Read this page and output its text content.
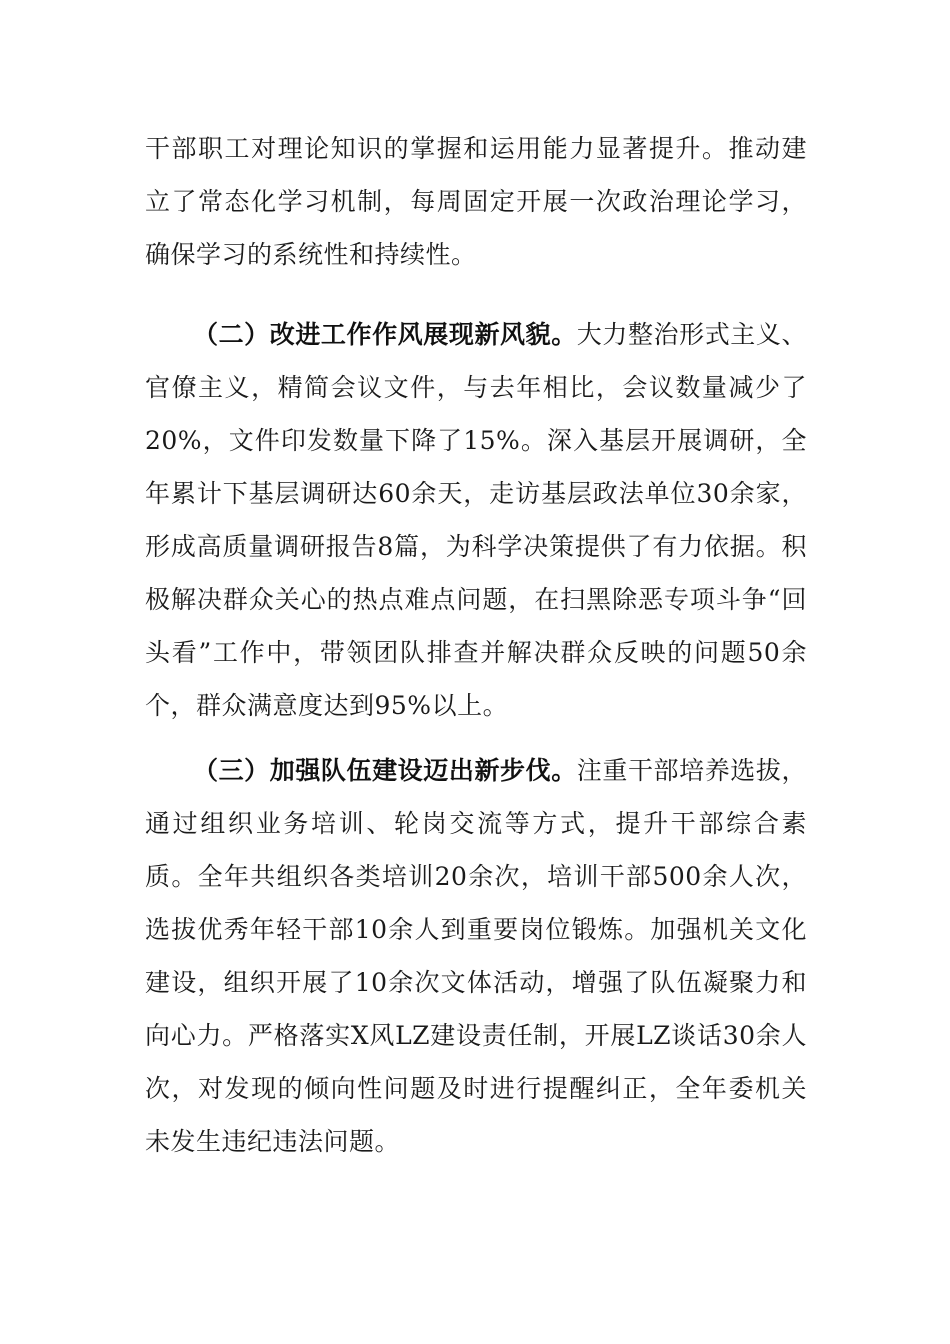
干部职工对理论知识的掌握和运用能力显著提升。推动建立了常态化学习机制，每周固定开展一次政治理论学习，确保学习的系统性和持续性。

（二）改进工作作风展现新风貌。大力整治形式主义、官僚主义，精简会议文件，与去年相比，会议数量减少了20%，文件印发数量下降了15%。深入基层开展调研，全年累计下基层调研达60余天，走访基层政法单位30余家，形成高质量调研报告8篇，为科学决策提供了有力依据。积极解决群众关心的热点难点问题，在扫黑除恶专项斗争“回头看”工作中，带领团队排查并解决群众反映的问题50余个，群众满意度达到95%以上。

（三）加强队伍建设迈出新步伐。注重干部培养选拔，通过组织业务培训、轮岗交流等方式，提升干部综合素质。全年共组织各类培训20余次，培训干部500余人次，选拔优秀年轻干部10余人到重要岗位锻炼。加强机关文化建设，组织开展了10余次文体活动，增强了队伍凝聚力和向心力。严格落实X风LZ建设责任制，开展LZ谈话30余人次，对发现的倾向性问题及时进行提醒纠正，全年委机关未发生违纪违法问题。
